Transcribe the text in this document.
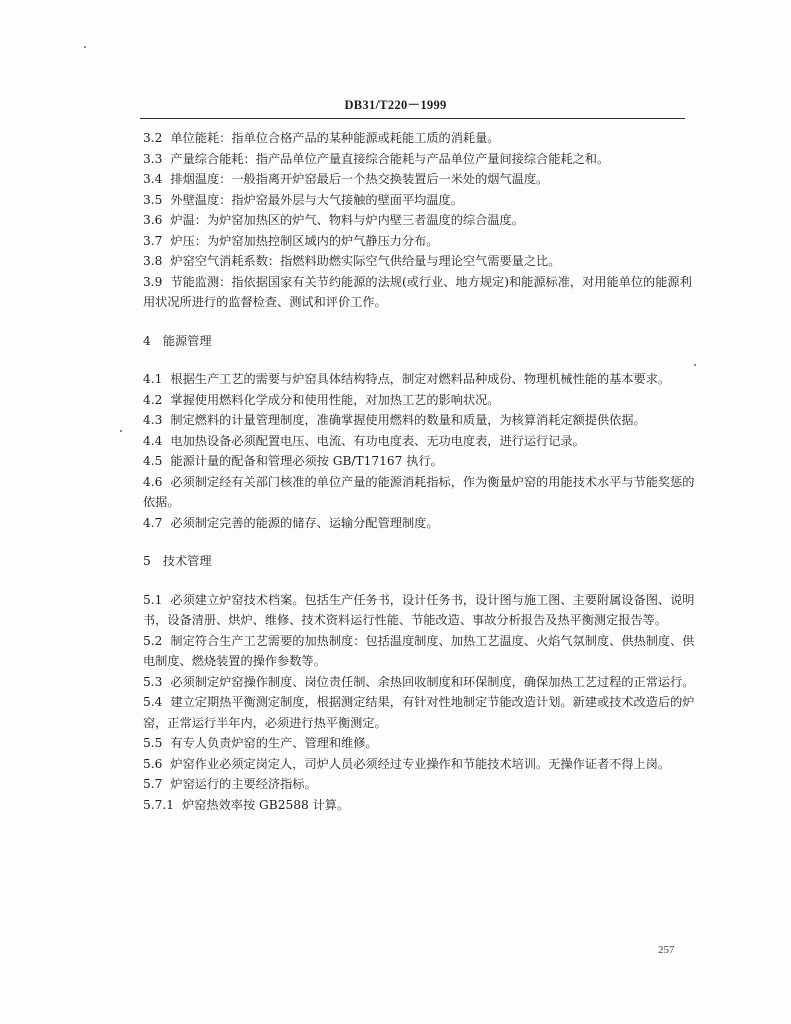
DB31/T220－1999

3.2 单位能耗：指单位合格产品的某种能源或耗能工质的消耗量。

3.3 产量综合能耗：指产品单位产量直接综合能耗与产品单位产量间接综合能耗之和。

3.4 排烟温度：一般指离开炉窑最后一个热交换装置后一米处的烟气温度。

3.5 外壁温度：指炉窑最外层与大气接触的壁面平均温度。

3.6 炉温：为炉窑加热区的炉气、物料与炉内壁三者温度的综合温度。

3.7 炉压：为炉窑加热控制区域内的炉气静压力分布。

3.8 炉窑空气消耗系数：指燃料助燃实际空气供给量与理论空气需要量之比。

3.9 节能监测：指依据国家有关节约能源的法规(或行业、地方规定)和能源标准，对用能单位的能源利用状况所进行的监督检查、测试和评价工作。

4 能源管理

4.1 根据生产工艺的需要与炉窑具体结构特点，制定对燃料品种成份、物理机械性能的基本要求。

4.2 掌握使用燃料化学成分和使用性能，对加热工艺的影响状况。

4.3 制定燃料的计量管理制度，准确掌握使用燃料的数量和质量，为核算消耗定额提供依据。

4.4 电加热设备必须配置电压、电流、有功电度表、无功电度表，进行运行记录。

4.5 能源计量的配备和管理必须按 GB/T17167 执行。

4.6 必须制定经有关部门核准的单位产量的能源消耗指标，作为衡量炉窑的用能技术水平与节能奖惩的依据。

4.7 必须制定完善的能源的储存、运输分配管理制度。

5 技术管理

5.1 必须建立炉窑技术档案。包括生产任务书，设计任务书，设计图与施工图、主要附属设备图、说明书，设备清册、烘炉、维修、技术资料运行性能、节能改造、事故分析报告及热平衡测定报告等。

5.2 制定符合生产工艺需要的加热制度：包括温度制度、加热工艺温度、火焰气氛制度、供热制度、供电制度、燃烧装置的操作参数等。

5.3 必须制定炉窑操作制度、岗位责任制、余热回收制度和环保制度，确保加热工艺过程的正常运行。

5.4 建立定期热平衡测定制度，根据测定结果，有针对性地制定节能改造计划。新建或技术改造后的炉窑，正常运行半年内，必须进行热平衡测定。

5.5 有专人负责炉窑的生产、管理和维修。

5.6 炉窑作业必须定岗定人，司炉人员必须经过专业操作和节能技术培训。无操作证者不得上岗。

5.7 炉窑运行的主要经济指标。

5.7.1 炉窑热效率按 GB2588 计算。

257
